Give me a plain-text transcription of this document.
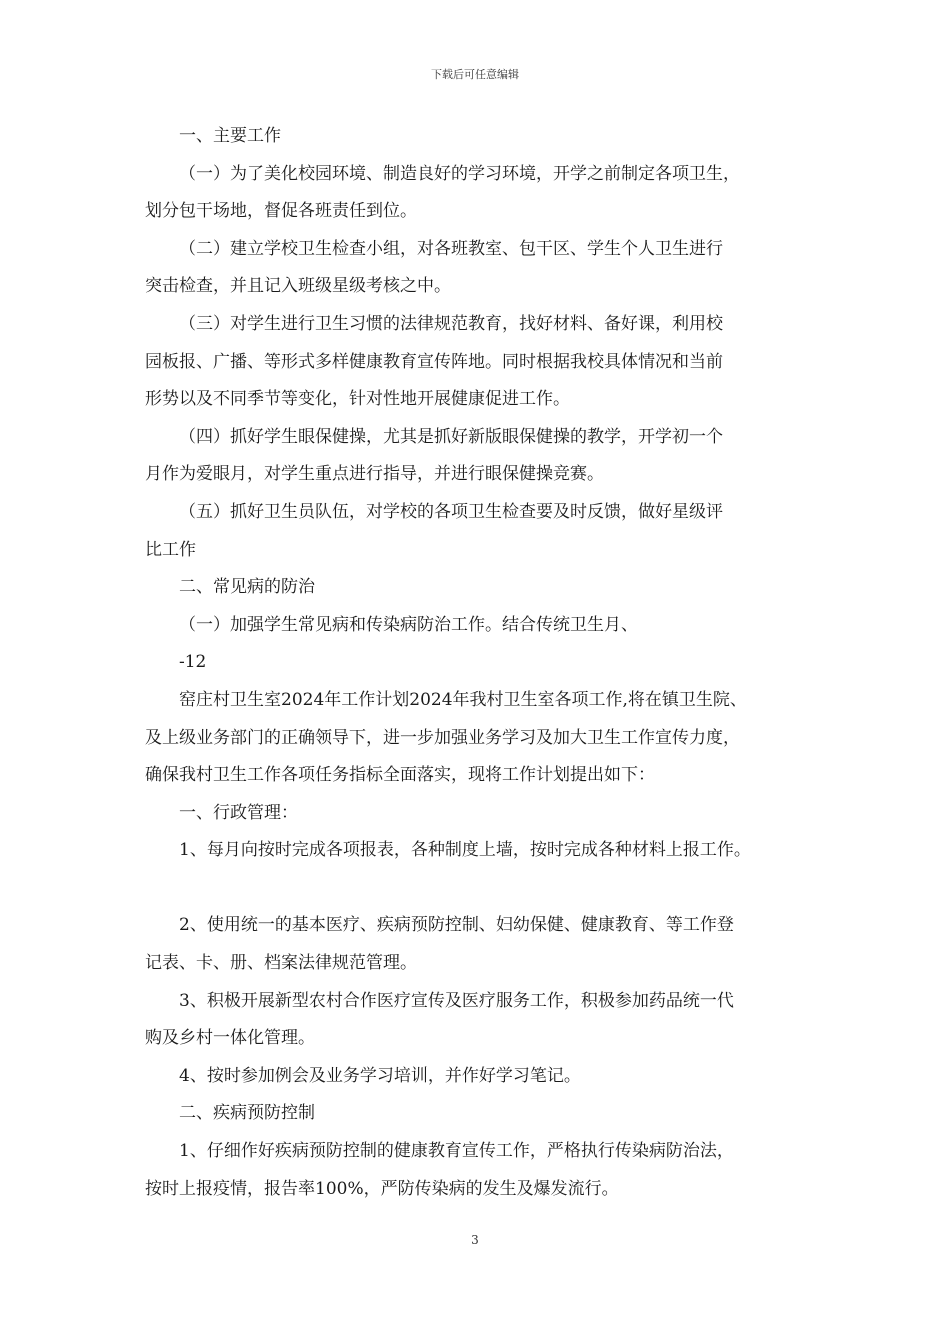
下载后可任意编辑
一、主要工作
（一）为了美化校园环境、制造良好的学习环境，开学之前制定各项卫生，
划分包干场地，督促各班责任到位。
（二）建立学校卫生检查小组，对各班教室、包干区、学生个人卫生进行
突击检查，并且记入班级星级考核之中。
（三）对学生进行卫生习惯的法律规范教育，找好材料、备好课，利用校
园板报、广播、等形式多样健康教育宣传阵地。同时根据我校具体情况和当前
形势以及不同季节等变化，针对性地开展健康促进工作。
（四）抓好学生眼保健操，尤其是抓好新版眼保健操的教学，开学初一个
月作为爱眼月，对学生重点进行指导，并进行眼保健操竞赛。
（五）抓好卫生员队伍，对学校的各项卫生检查要及时反馈，做好星级评
比工作
二、常见病的防治
（一）加强学生常见病和传染病防治工作。结合传统卫生月、
-12
窑庄村卫生室2024年工作计划2024年我村卫生室各项工作,将在镇卫生院、
及上级业务部门的正确领导下，进一步加强业务学习及加大卫生工作宣传力度，
确保我村卫生工作各项任务指标全面落实，现将工作计划提出如下：
一、行政管理：
1、每月向按时完成各项报表，各种制度上墙，按时完成各种材料上报工作。
2、使用统一的基本医疗、疾病预防控制、妇幼保健、健康教育、等工作登
记表、卡、册、档案法律规范管理。
3、积极开展新型农村合作医疗宣传及医疗服务工作，积极参加药品统一代
购及乡村一体化管理。
4、按时参加例会及业务学习培训，并作好学习笔记。
二、疾病预防控制
1、仔细作好疾病预防控制的健康教育宣传工作，严格执行传染病防治法，
按时上报疫情，报告率100%，严防传染病的发生及爆发流行。
3
